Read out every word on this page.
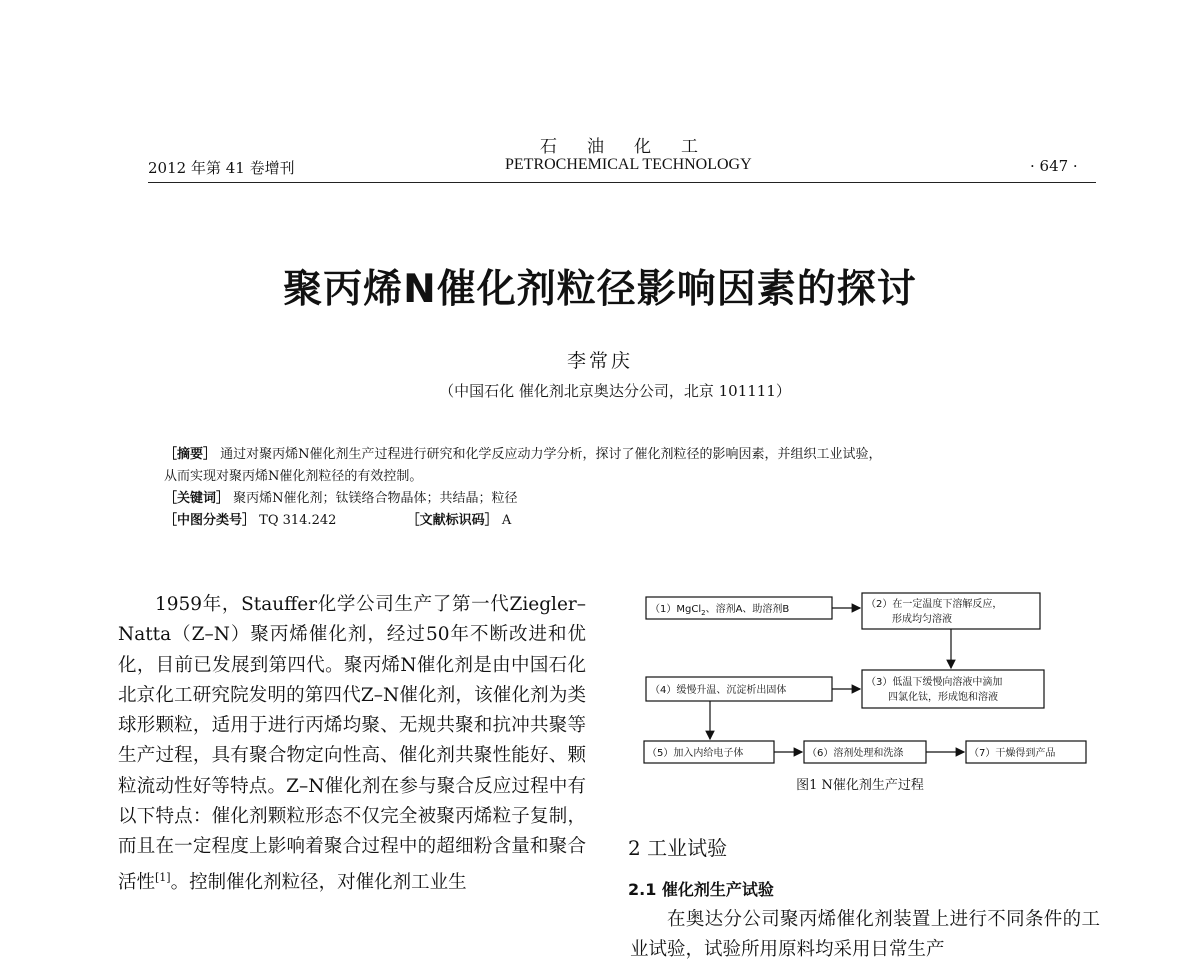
石油化工
2012 年第 41 卷增刊	PETROCHEMICAL TECHNOLOGY	· 647 ·
聚丙烯N催化剂粒径影响因素的探讨
李常庆
（中国石化 催化剂北京奥达分公司，北京 101111）
［摘要］ 通过对聚丙烯N催化剂生产过程进行研究和化学反应动力学分析，探讨了催化剂粒径的影响因素，并组织工业试验，
从而实现对聚丙烯N催化剂粒径的有效控制。
［关键词］ 聚丙烯N催化剂；钛镁络合物晶体；共结晶；粒径
［中图分类号］ TQ 314.242	［文献标识码］ A

1959年，Stauffer化学公司生产了第一代Ziegler–Natta（Z–N）聚丙烯催化剂，经过50年不断改进和优化，目前已发展到第四代。聚丙烯N催化剂是由中国石化北京化工研究院发明的第四代Z–N催化剂，该催化剂为类球形颗粒，适用于进行丙烯均聚、无规共聚和抗冲共聚等生产过程，具有聚合物定向性高、催化剂共聚性能好、颗粒流动性好等特点。Z–N催化剂在参与聚合反应过程中有以下特点：催化剂颗粒形态不仅完全被聚丙烯粒子复制，而且在一定程度上影响着聚合过程中的超细粉含量和聚合活性[1]。控制催化剂粒径，对催化剂工业生

（1）MgCl$_2$、溶剂A、助溶剂B	（2）在一定温度下溶解反应，
形成均匀溶液
（3）低温下缓慢向溶液中滴加
四氯化钛，形成饱和溶液
（4）缓慢升温、沉淀析出固体
（5）加入内给电子体	（6）溶剂处理和洗涤	（7）干燥得到产品
图1 N催化剂生产过程
2 工业试验
2.1 催化剂生产试验

在奥达分公司聚丙烯催化剂装置上进行不同条件的工业试验，试验所用原料均采用日常生产
